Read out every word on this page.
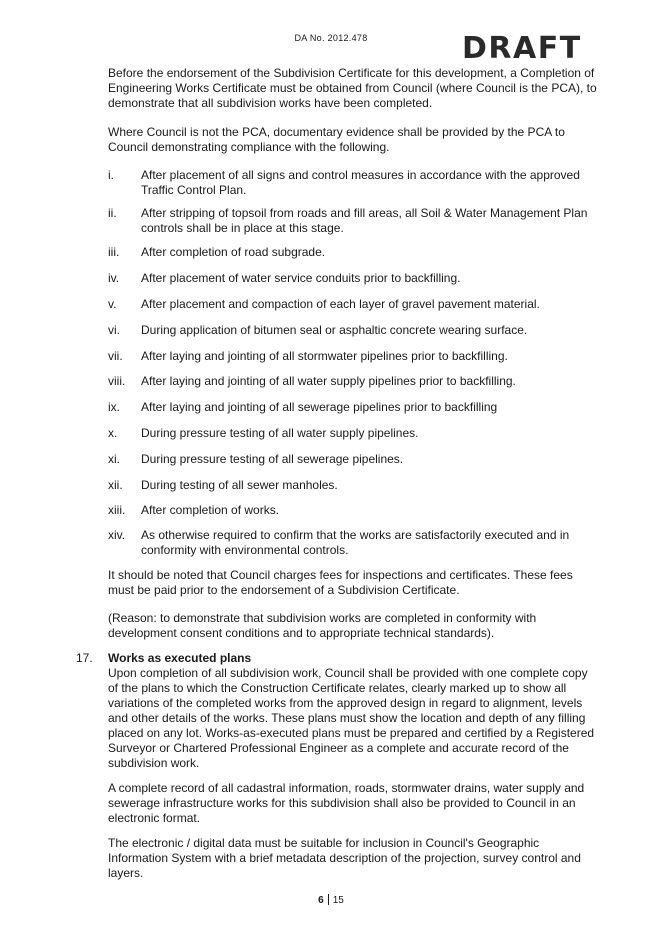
DA No. 2012.478	DRAFT

Before the endorsement of the Subdivision Certificate for this development, a Completion of Engineering Works Certificate must be obtained from Council (where Council is the PCA), to demonstrate that all subdivision works have been completed.

Where Council is not the PCA, documentary evidence shall be provided by the PCA to Council demonstrating compliance with the following.

i. After placement of all signs and control measures in accordance with the approved Traffic Control Plan.
ii. After stripping of topsoil from roads and fill areas, all Soil & Water Management Plan controls shall be in place at this stage.
iii. After completion of road subgrade.
iv. After placement of water service conduits prior to backfilling.
v. After placement and compaction of each layer of gravel pavement material.
vi. During application of bitumen seal or asphaltic concrete wearing surface.
vii. After laying and jointing of all stormwater pipelines prior to backfilling.
viii. After laying and jointing of all water supply pipelines prior to backfilling.
ix. After laying and jointing of all sewerage pipelines prior to backfilling
x. During pressure testing of all water supply pipelines.
xi. During pressure testing of all sewerage pipelines.
xii. During testing of all sewer manholes.
xiii. After completion of works.
xiv. As otherwise required to confirm that the works are satisfactorily executed and in conformity with environmental controls.

It should be noted that Council charges fees for inspections and certificates. These fees must be paid prior to the endorsement of a Subdivision Certificate.

(Reason: to demonstrate that subdivision works are completed in conformity with development consent conditions and to appropriate technical standards).

17. Works as executed plans

Upon completion of all subdivision work, Council shall be provided with one complete copy of the plans to which the Construction Certificate relates, clearly marked up to show all variations of the completed works from the approved design in regard to alignment, levels and other details of the works. These plans must show the location and depth of any filling placed on any lot. Works-as-executed plans must be prepared and certified by a Registered Surveyor or Chartered Professional Engineer as a complete and accurate record of the subdivision work.

A complete record of all cadastral information, roads, stormwater drains, water supply and sewerage infrastructure works for this subdivision shall also be provided to Council in an electronic format.

The electronic / digital data must be suitable for inclusion in Council's Geographic Information System with a brief metadata description of the projection, survey control and layers.

6 15
